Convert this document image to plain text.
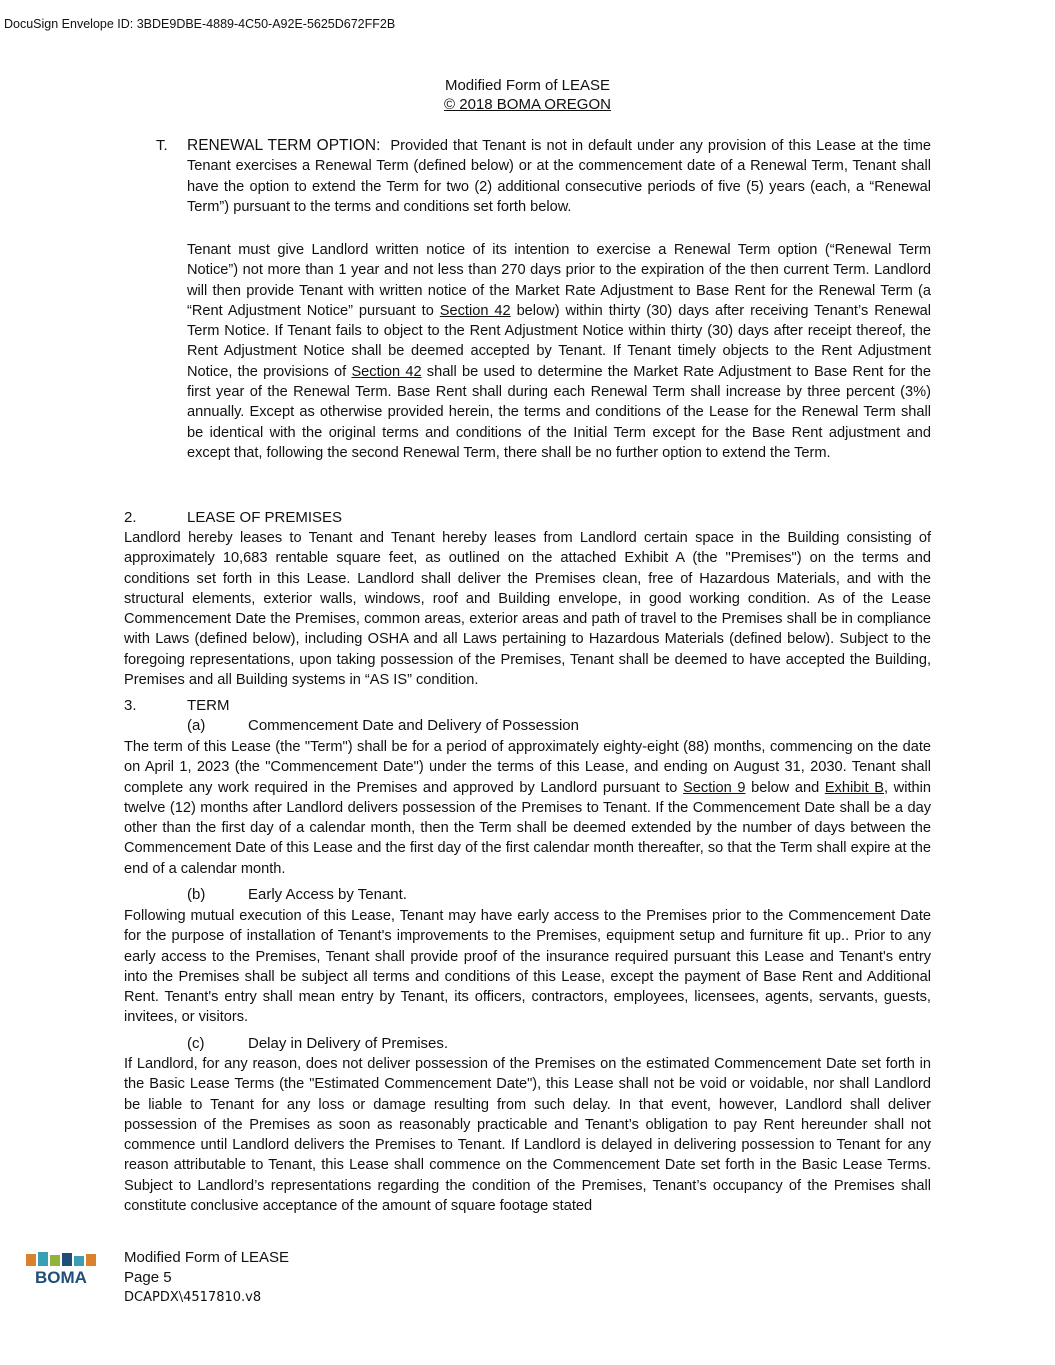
DocuSign Envelope ID: 3BDE9DBE-4889-4C50-A92E-5625D672FF2B
Modified Form of LEASE
© 2018 BOMA OREGON
T. RENEWAL TERM OPTION: Provided that Tenant is not in default under any provision of this Lease at the time Tenant exercises a Renewal Term (defined below) or at the commencement date of a Renewal Term, Tenant shall have the option to extend the Term for two (2) additional consecutive periods of five (5) years (each, a “Renewal Term”) pursuant to the terms and conditions set forth below.

Tenant must give Landlord written notice of its intention to exercise a Renewal Term option (“Renewal Term Notice”) not more than 1 year and not less than 270 days prior to the expiration of the then current Term. Landlord will then provide Tenant with written notice of the Market Rate Adjustment to Base Rent for the Renewal Term (a “Rent Adjustment Notice” pursuant to Section 42 below) within thirty (30) days after receiving Tenant’s Renewal Term Notice. If Tenant fails to object to the Rent Adjustment Notice within thirty (30) days after receipt thereof, the Rent Adjustment Notice shall be deemed accepted by Tenant. If Tenant timely objects to the Rent Adjustment Notice, the provisions of Section 42 shall be used to determine the Market Rate Adjustment to Base Rent for the first year of the Renewal Term. Base Rent shall during each Renewal Term shall increase by three percent (3%) annually. Except as otherwise provided herein, the terms and conditions of the Lease for the Renewal Term shall be identical with the original terms and conditions of the Initial Term except for the Base Rent adjustment and except that, following the second Renewal Term, there shall be no further option to extend the Term.

2.	LEASE OF PREMISES

Landlord hereby leases to Tenant and Tenant hereby leases from Landlord certain space in the Building consisting of approximately 10,683 rentable square feet, as outlined on the attached Exhibit A (the "Premises") on the terms and conditions set forth in this Lease. Landlord shall deliver the Premises clean, free of Hazardous Materials, and with the structural elements, exterior walls, windows, roof and Building envelope, in good working condition. As of the Lease Commencement Date the Premises, common areas, exterior areas and path of travel to the Premises shall be in compliance with Laws (defined below), including OSHA and all Laws pertaining to Hazardous Materials (defined below). Subject to the foregoing representations, upon taking possession of the Premises, Tenant shall be deemed to have accepted the Building, Premises and all Building systems in “AS IS” condition.

3.	TERM
(a)	Commencement Date and Delivery of Possession

The term of this Lease (the "Term") shall be for a period of approximately eighty-eight (88) months, commencing on the date on April 1, 2023 (the "Commencement Date") under the terms of this Lease, and ending on August 31, 2030. Tenant shall complete any work required in the Premises and approved by Landlord pursuant to Section 9 below and Exhibit B, within twelve (12) months after Landlord delivers possession of the Premises to Tenant. If the Commencement Date shall be a day other than the first day of a calendar month, then the Term shall be deemed extended by the number of days between the Commencement Date of this Lease and the first day of the first calendar month thereafter, so that the Term shall expire at the end of a calendar month.

(b)	Early Access by Tenant.

Following mutual execution of this Lease, Tenant may have early access to the Premises prior to the Commencement Date for the purpose of installation of Tenant's improvements to the Premises, equipment setup and furniture fit up.. Prior to any early access to the Premises, Tenant shall provide proof of the insurance required pursuant this Lease and Tenant's entry into the Premises shall be subject all terms and conditions of this Lease, except the payment of Base Rent and Additional Rent. Tenant's entry shall mean entry by Tenant, its officers, contractors, employees, licensees, agents, servants, guests, invitees, or visitors.

(c)	Delay in Delivery of Premises.

If Landlord, for any reason, does not deliver possession of the Premises on the estimated Commencement Date set forth in the Basic Lease Terms (the "Estimated Commencement Date"), this Lease shall not be void or voidable, nor shall Landlord be liable to Tenant for any loss or damage resulting from such delay. In that event, however, Landlord shall deliver possession of the Premises as soon as reasonably practicable and Tenant’s obligation to pay Rent hereunder shall not commence until Landlord delivers the Premises to Tenant. If Landlord is delayed in delivering possession to Tenant for any reason attributable to Tenant, this Lease shall commence on the Commencement Date set forth in the Basic Lease Terms. Subject to Landlord’s representations regarding the condition of the Premises, Tenant’s occupancy of the Premises shall constitute conclusive acceptance of the amount of square footage stated

BOMA
Modified Form of LEASE
Page 5
DCAPDX\4517810.v8
